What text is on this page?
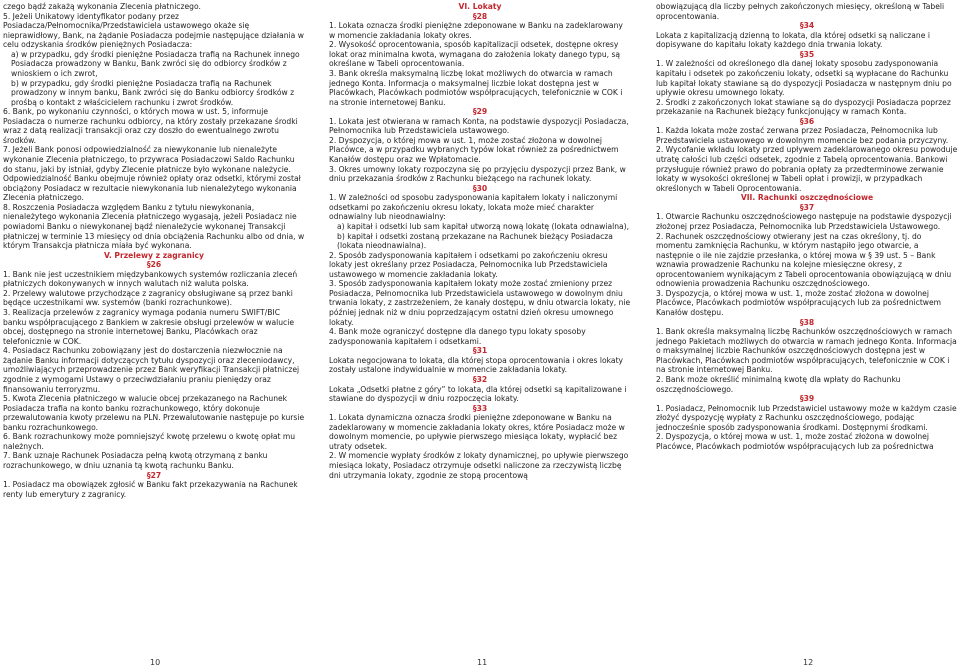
czego bądź zakażą wykonania Zlecenia płatniczego.

5. Jeżeli Unikatowy identyfikator podany przez Posiadacza/Pełnomocnika/Przedstawiciela ustawowego okaże się nieprawidłowy, Bank, na żądanie Posiadacza podejmie następujące działania w celu odzyskania środków pieniężnych Posiadacza:

a) w przypadku, gdy środki pieniężne Posiadacza trafią na Rachunek innego Posiadacza prowadzony w Banku, Bank zwróci się do odbiorcy środków z wnioskiem o ich zwrot,

b) w przypadku, gdy środki pieniężne Posiadacza trafią na Rachunek prowadzony w innym banku, Bank zwróci się do Banku odbiorcy środków z prośbą o kontakt z właścicielem rachunku i zwrot środków.

6. Bank, po wykonaniu czynności, o których mowa w ust. 5, informuje Posiadacza o numerze rachunku odbiorcy, na który zostały przekazane środki wraz z datą realizacji transakcji oraz czy doszło do ewentualnego zwrotu środków.

7. Jeżeli Bank ponosi odpowiedzialność za niewykonanie lub nienależyte wykonanie Zlecenia płatniczego, to przywraca Posiadaczowi Saldo Rachunku do stanu, jaki by istniał, gdyby Zlecenie płatnicze było wykonane należycie. Odpowiedzialność Banku obejmuje również opłaty oraz odsetki, którymi został obciążony Posiadacz w rezultacie niewykonania lub nienależytego wykonania Zlecenia płatniczego.

8. Roszczenia Posiadacza względem Banku z tytułu niewykonania, nienależytego wykonania Zlecenia płatniczego wygasają, jeżeli Posiadacz nie powiadomi Banku o niewykonanej bądź nienależycie wykonanej Transakcji płatniczej w terminie 13 miesięcy od dnia obciążenia Rachunku albo od dnia, w którym Transakcja płatnicza miała być wykonana.

V. Przelewy z zagranicy

§26

1. Bank nie jest uczestnikiem międzybankowych systemów rozliczania zleceń płatniczych dokonywanych w innych walutach niż waluta polska.

2. Przelewy walutowe przychodzące z zagranicy obsługiwane są przez banki będące uczestnikami ww. systemów (banki rozrachunkowe).

3. Realizacja przelewów z zagranicy wymaga podania numeru SWIFT/BIC banku współpracującego z Bankiem w zakresie obsługi przelewów w walucie obcej, dostępnego na stronie internetowej Banku, Placówkach oraz telefonicznie w COK.

4. Posiadacz Rachunku zobowiązany jest do dostarczenia niezwłocznie na żądanie Banku informacji dotyczących tytułu dyspozycji oraz zleceniodawcy, umożliwiających przeprowadzenie przez Bank weryfikacji Transakcji płatniczej zgodnie z wymogami Ustawy o przeciwdziałaniu praniu pieniędzy oraz finansowaniu terroryzmu.

5. Kwota Zlecenia płatniczego w walucie obcej przekazanego na Rachunek Posiadacza trafia na konto banku rozrachunkowego, który dokonuje przewalutowania kwoty przelewu na PLN. Przewalutowanie następuje po kursie banku rozrachunkowego.

6. Bank rozrachunkowy może pomniejszyć kwotę przelewu o kwotę opłat mu należnych.

7. Bank uznaje Rachunek Posiadacza pełną kwotą otrzymaną z banku rozrachunkowego, w dniu uznania tą kwotą rachunku Banku.

§27

1. Posiadacz ma obowiązek zgłosić w Banku fakt przekazywania na Rachunek renty lub emerytury z zagranicy.

VI. Lokaty

§28

1. Lokata oznacza środki pieniężne zdeponowane w Banku na zadeklarowany w momencie zakładania lokaty okres.

2. Wysokość oprocentowania, sposób kapitalizacji odsetek, dostępne okresy lokat oraz minimalna kwota, wymagana do założenia lokaty danego typu, są określane w Tabeli oprocentowania.

3. Bank określa maksymalną liczbę lokat możliwych do otwarcia w ramach jednego Konta. Informacja o maksymalnej liczbie lokat dostępna jest w Placówkach, Placówkach podmiotów współpracujących, telefonicznie w COK i na stronie internetowej Banku.

§29

1. Lokata jest otwierana w ramach Konta, na podstawie dyspozycji Posiadacza, Pełnomocnika lub Przedstawiciela ustawowego.

2. Dyspozycja, o której mowa w ust. 1, może zostać złożona w dowolnej Placówce, a w przypadku wybranych typów lokat również za pośrednictwem Kanałów dostępu oraz we Wpłatomacie.

3. Okres umowny lokaty rozpoczyna się po przyjęciu dyspozycji przez Bank, w dniu przekazania środków z Rachunku bieżącego na rachunek lokaty.

§30

1. W zależności od sposobu zadysponowania kapitałem lokaty i naliczonymi odsetkami po zakończeniu okresu lokaty, lokata może mieć charakter odnawialny lub nieodnawialny:

a) kapitał i odsetki lub sam kapitał utworzą nową lokatę (lokata odnawialna),

b) kapitał i odsetki zostaną przekazane na Rachunek bieżący Posiadacza (lokata nieodnawialna).

2. Sposób zadysponowania kapitałem i odsetkami po zakończeniu okresu lokaty jest określany przez Posiadacza, Pełnomocnika lub Przedstawiciela ustawowego w momencie zakładania lokaty.

3. Sposób zadysponowania kapitałem lokaty może zostać zmieniony przez Posiadacza, Pełnomocnika lub Przedstawiciela ustawowego w dowolnym dniu trwania lokaty, z zastrzeżeniem, że kanały dostępu, w dniu otwarcia lokaty, nie później jednak niż w dniu poprzedzającym ostatni dzień okresu umownego lokaty.

4. Bank może ograniczyć dostępne dla danego typu lokaty sposoby zadysponowania kapitałem i odsetkami.

§31

Lokata negocjowana to lokata, dla której stopa oprocentowania i okres lokaty zostały ustalone indywidualnie w momencie zakładania lokaty.

§32

Lokata „Odsetki płatne z góry” to lokata, dla której odsetki są kapitalizowane i stawiane do dyspozycji w dniu rozpoczęcia lokaty.

§33

1. Lokata dynamiczna oznacza środki pieniężne zdeponowane w Banku na zadeklarowany w momencie zakładania lokaty okres, które Posiadacz może w dowolnym momencie, po upływie pierwszego miesiąca lokaty, wypłacić bez utraty odsetek.

2. W momencie wypłaty środków z lokaty dynamicznej, po upływie pierwszego miesiąca lokaty, Posiadacz otrzymuje odsetki naliczone za rzeczywistą liczbę dni utrzymania lokaty, zgodnie ze stopą procentową

obowiązującą dla liczby pełnych zakończonych miesięcy, określoną w Tabeli oprocentowania.

§34

Lokata z kapitalizacją dzienną to lokata, dla której odsetki są naliczane i dopisywane do kapitału lokaty każdego dnia trwania lokaty.

§35

1. W zależności od określonego dla danej lokaty sposobu zadysponowania kapitału i odsetek po zakończeniu lokaty, odsetki są wypłacane do Rachunku lub kapitał lokaty stawiane są do dyspozycji Posiadacza w następnym dniu po upływie okresu umownego lokaty.

2. Środki z zakończonych lokat stawiane są do dyspozycji Posiadacza poprzez przekazanie na Rachunek bieżący funkcjonujący w ramach Konta.

§36

1. Każda lokata może zostać zerwana przez Posiadacza, Pełnomocnika lub Przedstawiciela ustawowego w dowolnym momencie bez podania przyczyny.

2. Wycofanie wkładu lokaty przed upływem zadeklarowanego okresu powoduje utratę całości lub części odsetek, zgodnie z Tabelą oprocentowania. Bankowi przysługuje również prawo do pobrania opłaty za przedterminowe zerwanie lokaty w wysokości określonej w Tabeli opłat i prowizji, w przypadkach określonych w Tabeli Oprocentowania.

VII. Rachunki oszczędnościowe

§37

1. Otwarcie Rachunku oszczędnościowego następuje na podstawie dyspozycji złożonej przez Posiadacza, Pełnomocnika lub Przedstawiciela Ustawowego.

2. Rachunek oszczędnościowy otwierany jest na czas określony, tj. do momentu zamknięcia Rachunku, w którym nastąpiło jego otwarcie, a następnie o ile nie zajdzie przesłanka, o której mowa w § 39 ust. 5 – Bank wznawia prowadzenie Rachunku na kolejne miesięczne okresy, z oprocentowaniem wynikającym z Tabeli oprocentowania obowiązującą w dniu odnowienia prowadzenia Rachunku oszczędnościowego.

3. Dyspozycja, o której mowa w ust. 1, może zostać złożona w dowolnej Placówce, Placówkach podmiotów współpracujących lub za pośrednictwem Kanałów dostępu.

§38

1. Bank określa maksymalną liczbę Rachunków oszczędnościowych w ramach jednego Pakietach możliwych do otwarcia w ramach jednego Konta. Informacja o maksymalnej liczbie Rachunków oszczędnościowych dostępna jest w Placówkach, Placówkach podmiotów współpracujących, telefonicznie w COK i na stronie internetowej Banku.

2. Bank może określić minimalną kwotę dla wpłaty do Rachunku oszczędnościowego.

§39

1. Posiadacz, Pełnomocnik lub Przedstawiciel ustawowy może w każdym czasie złożyć dyspozycję wypłaty z Rachunku oszczędnościowego, podając jednocześnie sposób zadysponowania środkami. Dostępnymi środkami.

2. Dyspozycja, o której mowa w ust. 1, może zostać złożona w dowolnej Placówce, Placówkach podmiotów współpracujących lub za pośrednictwa

10	11	12
